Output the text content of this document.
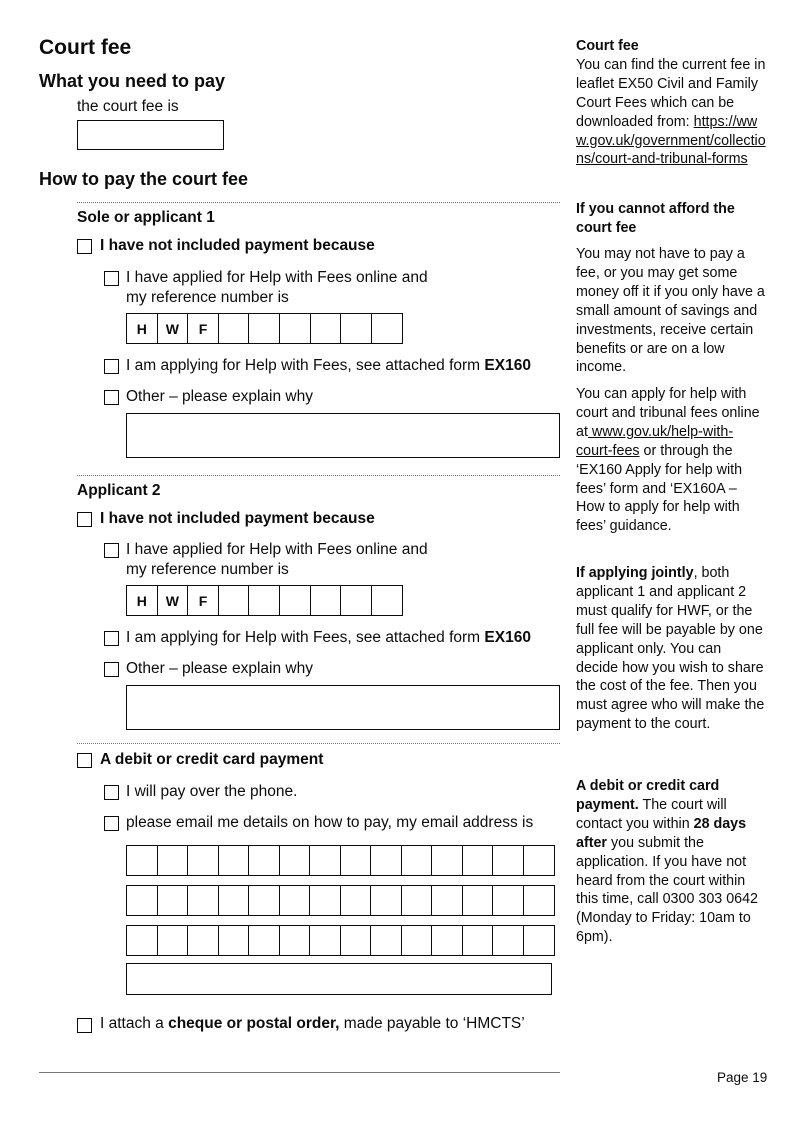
Court fee
What you need to pay
the court fee is
How to pay the court fee
Sole or applicant 1
I have not included payment because
I have applied for Help with Fees online and
my reference number is
H	W	F
I am applying for Help with Fees, see attached form EX160
Other – please explain why
Applicant 2
I have not included payment because
I have applied for Help with Fees online and
my reference number is
H	W	F
I am applying for Help with Fees, see attached form EX160
Other – please explain why
A debit or credit card payment
I will pay over the phone.
please email me details on how to pay, my email address is
I attach a cheque or postal order, made payable to ‘HMCTS’
Page 19
Court fee
You can find the current fee in leaflet EX50 Civil and Family Court Fees which can be downloaded from: https://www.gov.uk/government/collections/court-and-tribunal-forms
If you cannot afford the court fee
You may not have to pay a fee, or you may get some money off it if you only have a small amount of savings and investments, receive certain benefits or are on a low income.
You can apply for help with court and tribunal fees online at www.gov.uk/help-with-court-fees or through the ‘EX160 Apply for help with fees’ form and ‘EX160A – How to apply for help with fees’ guidance.
If applying jointly, both applicant 1 and applicant 2 must qualify for HWF, or the full fee will be payable by one applicant only. You can decide how you wish to share the cost of the fee. Then you must agree who will make the payment to the court.
A debit or credit card payment. The court will contact you within 28 days after you submit the application. If you have not heard from the court within this time, call 0300 303 0642 (Monday to Friday: 10am to 6pm).
